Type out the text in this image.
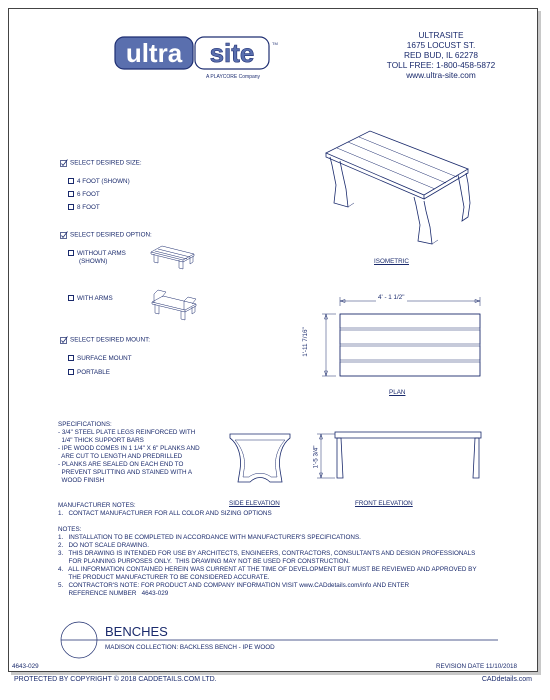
ultra site	TM
A PLAYCORE Company
ULTRASITE
1675 LOCUST ST.
RED BUD, IL 62278
TOLL FREE: 1-800-458-5872
www.ultra-site.com
SELECT DESIRED SIZE:
4 FOOT (SHOWN)
6 FOOT
8 FOOT
SELECT DESIRED OPTION:
WITHOUT ARMS
(SHOWN)
WITH ARMS
SELECT DESIRED MOUNT:
SURFACE MOUNT
PORTABLE
ISOMETRIC
4' - 1 1/2"
1'-11 7/16"
PLAN
SIDE ELEVATION
1'-5 3/4"
FRONT ELEVATION
SPECIFICATIONS:
- 3/4" STEEL PLATE LEGS REINFORCED WITH
1/4" THICK SUPPORT BARS
- IPE WOOD COMES IN 1 1/4" X 6" PLANKS AND
ARE CUT TO LENGTH AND PREDRILLED
- PLANKS ARE SEALED ON EACH END TO
PREVENT SPLITTING AND STAINED WITH A
WOOD FINISH
MANUFACTURER NOTES:
1.   CONTACT MANUFACTURER FOR ALL COLOR AND SIZING OPTIONS
NOTES:
1.   INSTALLATION TO BE COMPLETED IN ACCORDANCE WITH MANUFACTURER'S SPECIFICATIONS.
2.   DO NOT SCALE DRAWING.
3.   THIS DRAWING IS INTENDED FOR USE BY ARCHITECTS, ENGINEERS, CONTRACTORS, CONSULTANTS AND DESIGN PROFESSIONALS
FOR PLANNING PURPOSES ONLY.  THIS DRAWING MAY NOT BE USED FOR CONSTRUCTION.
4.   ALL INFORMATION CONTAINED HEREIN WAS CURRENT AT THE TIME OF DEVELOPMENT BUT MUST BE REVIEWED AND APPROVED BY
THE PRODUCT MANUFACTURER TO BE CONSIDERED ACCURATE.
5.   CONTRACTOR'S NOTE: FOR PRODUCT AND COMPANY INFORMATION VISIT www.CADdetails.com/info AND ENTER
REFERENCE NUMBER   4643-029
BENCHES
MADISON COLLECTION: BACKLESS BENCH - IPE WOOD
4643-029	REVISION DATE 11/10/2018
PROTECTED BY COPYRIGHT © 2018 CADDETAILS.COM LTD.	CADdetails.com
